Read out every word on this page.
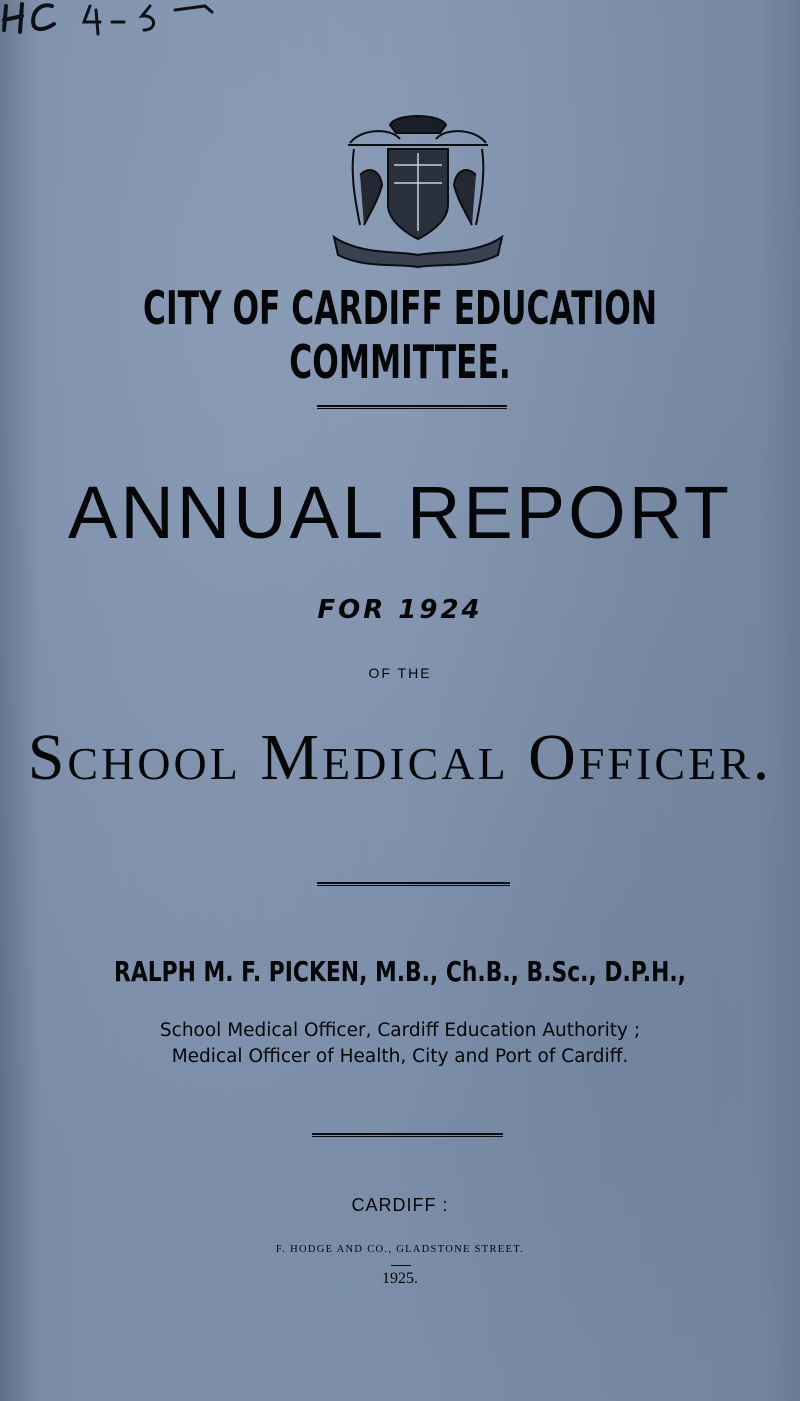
CITY OF CARDIFF EDUCATION COMMITTEE.
ANNUAL REPORT
FOR 1924
OF THE
School Medical Officer.
RALPH M. F. PICKEN, M.B., Ch.B., B.Sc., D.P.H.,
School Medical Officer, Cardiff Education Authority ;
Medical Officer of Health, City and Port of Cardiff.
CARDIFF :
F. HODGE AND CO., GLADSTONE STREET.
1925.
